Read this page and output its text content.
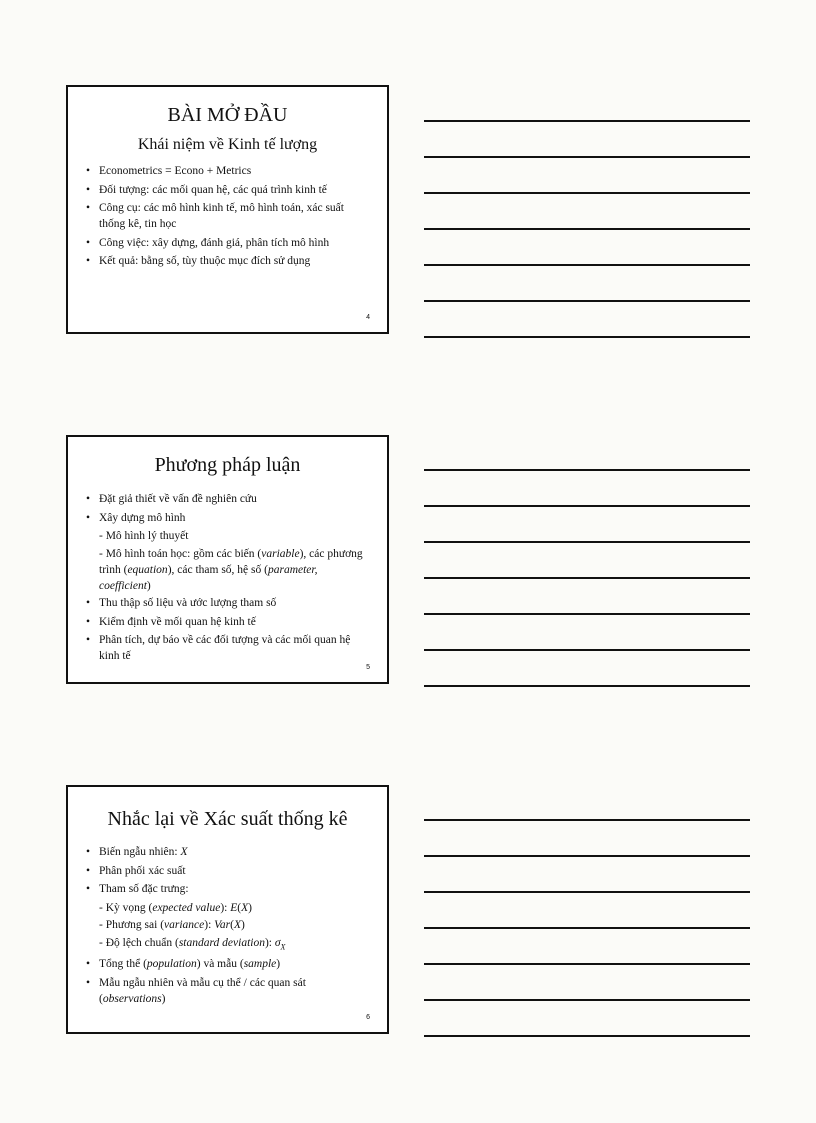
BÀI MỞ ĐẦU
Khái niệm về Kinh tế lượng
• Econometrics = Econo + Metrics
• Đối tượng: các mối quan hệ, các quá trình kinh tế
• Công cụ: các mô hình kinh tế, mô hình toán, xác suất thống kê, tin học
• Công việc: xây dựng, đánh giá, phân tích mô hình
• Kết quả: bằng số, tùy thuộc mục đích sử dụng
4
Phương pháp luận
• Đặt giả thiết về vấn đề nghiên cứu
• Xây dựng mô hình
- Mô hình lý thuyết
- Mô hình toán học: gồm các biến (variable), các phương trình (equation), các tham số, hệ số (parameter, coefficient)
• Thu thập số liệu và ước lượng tham số
• Kiểm định về mối quan hệ kinh tế
• Phân tích, dự báo về các đối tượng và các mối quan hệ kinh tế
5
Nhắc lại về Xác suất thống kê
• Biến ngẫu nhiên: X
• Phân phối xác suất
• Tham số đặc trưng:
- Kỳ vọng (expected value): E(X)
- Phương sai (variance): Var(X)
- Độ lệch chuẩn (standard deviation): $\sigma_X$
• Tổng thể (population) và mẫu (sample)
• Mẫu ngẫu nhiên và mẫu cụ thể / các quan sát (observations)
6
